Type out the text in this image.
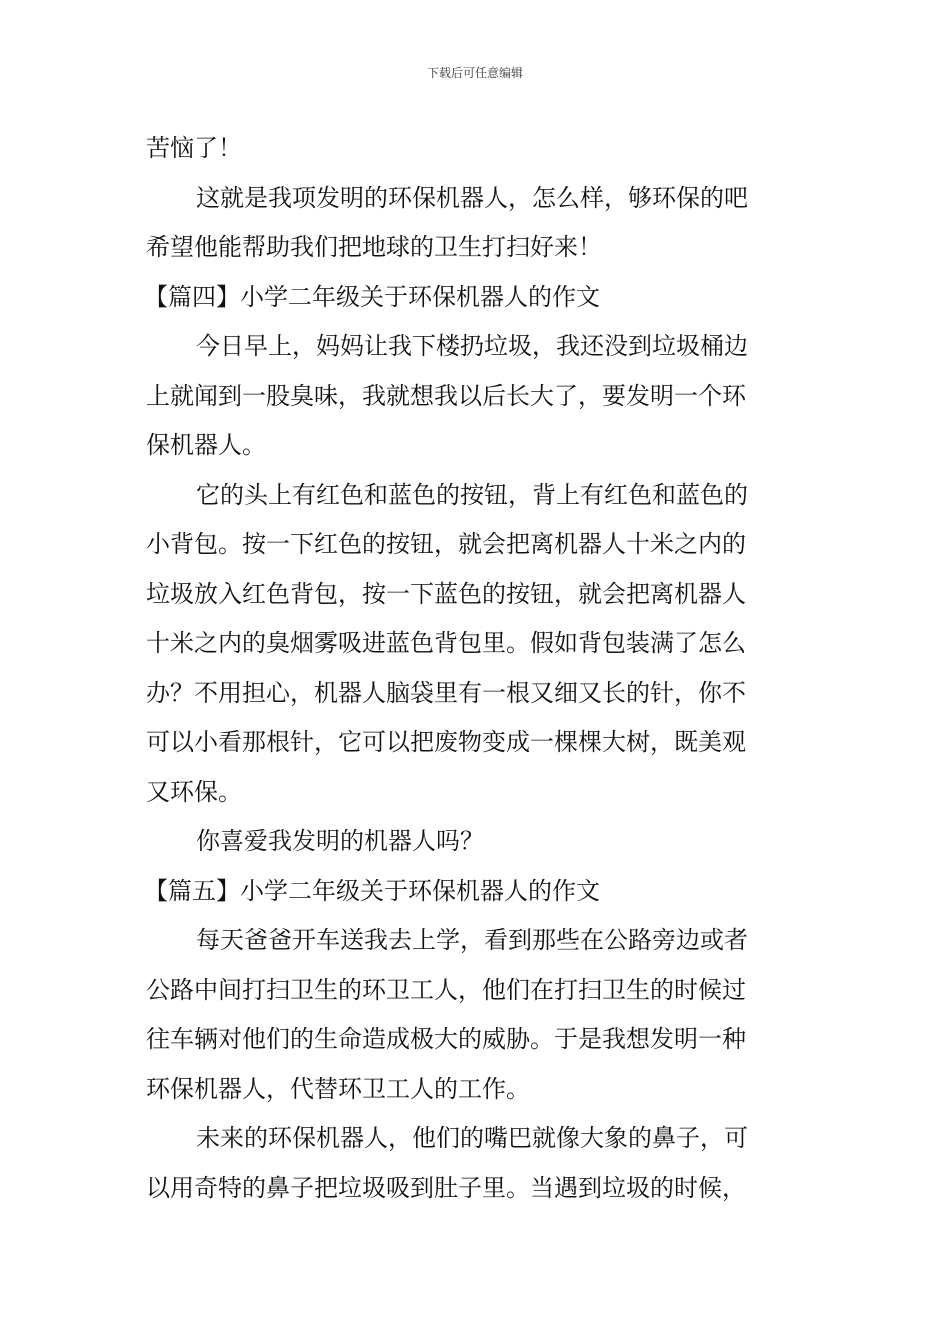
下载后可任意编辑
苦恼了！
这就是我项发明的环保机器人，怎么样，够环保的吧
希望他能帮助我们把地球的卫生打扫好来！
【篇四】小学二年级关于环保机器人的作文
今日早上，妈妈让我下楼扔垃圾，我还没到垃圾桶边
上就闻到一股臭味，我就想我以后长大了，要发明一个环
保机器人。
它的头上有红色和蓝色的按钮，背上有红色和蓝色的
小背包。按一下红色的按钮，就会把离机器人十米之内的
垃圾放入红色背包，按一下蓝色的按钮，就会把离机器人
十米之内的臭烟雾吸进蓝色背包里。假如背包装满了怎么
办？不用担心，机器人脑袋里有一根又细又长的针，你不
可以小看那根针，它可以把废物变成一棵棵大树，既美观
又环保。
你喜爱我发明的机器人吗？
【篇五】小学二年级关于环保机器人的作文
每天爸爸开车送我去上学，看到那些在公路旁边或者
公路中间打扫卫生的环卫工人，他们在打扫卫生的时候过
往车辆对他们的生命造成极大的威胁。于是我想发明一种
环保机器人，代替环卫工人的工作。
未来的环保机器人，他们的嘴巴就像大象的鼻子，可
以用奇特的鼻子把垃圾吸到肚子里。当遇到垃圾的时候，
